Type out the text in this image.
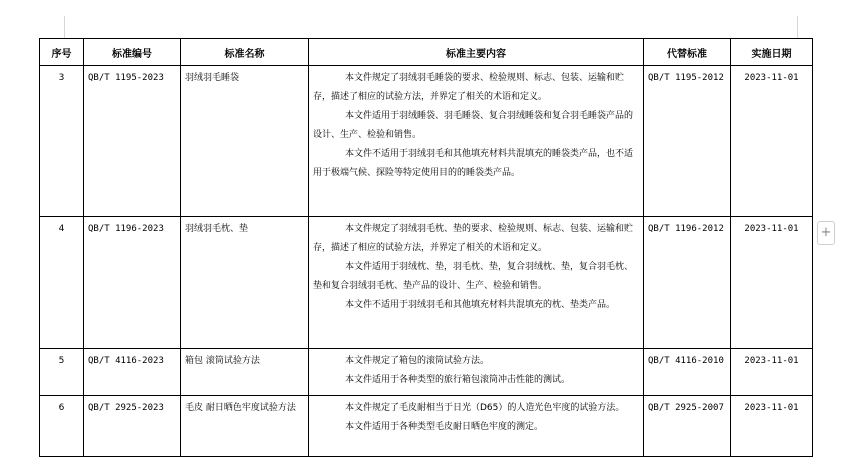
序号	标准编号	标准名称	标准主要内容	代替标准	实施日期
3	QB/T 1195-2023	羽绒羽毛睡袋	本文件规定了羽绒羽毛睡袋的要求、检验规则、标志、包装、运输和贮存，描述了相应的试验方法，并界定了相关的术语和定义。

本文件适用于羽绒睡袋、羽毛睡袋、复合羽绒睡袋和复合羽毛睡袋产品的设计、生产、检验和销售。

本文件不适用于羽绒羽毛和其他填充材料共混填充的睡袋类产品，也不适用于极端气候、探险等特定使用目的的睡袋类产品。	QB/T 1195-2012	2023-11-01
4	QB/T 1196-2023	羽绒羽毛枕、垫	本文件规定了羽绒羽毛枕、垫的要求、检验规则、标志、包装、运输和贮存，描述了相应的试验方法，并界定了相关的术语和定义。

本文件适用于羽绒枕、垫，羽毛枕、垫，复合羽绒枕、垫，复合羽毛枕、垫和复合羽绒羽毛枕、垫产品的设计、生产、检验和销售。

本文件不适用于羽绒羽毛和其他填充材料共混填充的枕、垫类产品。	QB/T 1196-2012	2023-11-01
5	QB/T 4116-2023	箱包 滚筒试验方法	本文件规定了箱包的滚筒试验方法。

本文件适用于各种类型的旅行箱包滚筒冲击性能的测试。	QB/T 4116-2010	2023-11-01
6	QB/T 2925-2023	毛皮 耐日晒色牢度试验方法	本文件规定了毛皮耐相当于日光（D65）的人造光色牢度的试验方法。

本文件适用于各种类型毛皮耐日晒色牢度的测定。	QB/T 2925-2007	2023-11-01
+
